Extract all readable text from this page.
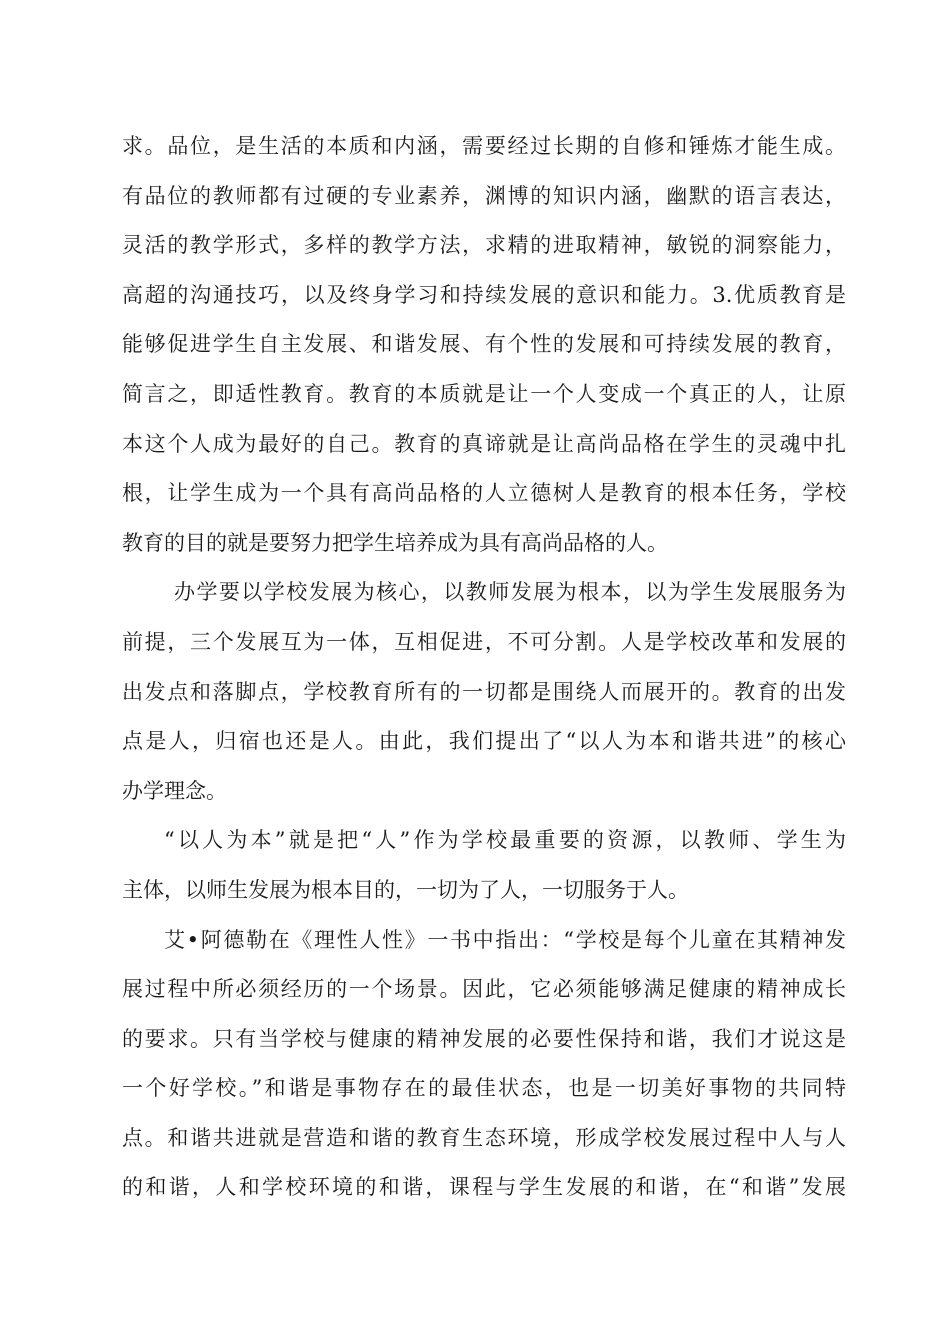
求。品位，是生活的本质和内涵，需要经过长期的自修和锤炼才能生成。
有品位的教师都有过硬的专业素养，渊博的知识内涵，幽默的语言表达，
灵活的教学形式，多样的教学方法，求精的进取精神，敏锐的洞察能力，
高超的沟通技巧，以及终身学习和持续发展的意识和能力。3.优质教育是
能够促进学生自主发展、和谐发展、有个性的发展和可持续发展的教育，
简言之，即适性教育。教育的本质就是让一个人变成一个真正的人，让原
本这个人成为最好的自己。教育的真谛就是让高尚品格在学生的灵魂中扎
根，让学生成为一个具有高尚品格的人立德树人是教育的根本任务，学校
教育的目的就是要努力把学生培养成为具有高尚品格的人。
办学要以学校发展为核心，以教师发展为根本，以为学生发展服务为
前提，三个发展互为一体，互相促进，不可分割。人是学校改革和发展的
出发点和落脚点，学校教育所有的一切都是围绕人而展开的。教育的出发
点是人，归宿也还是人。由此，我们提出了“以人为本和谐共进”的核心
办学理念。
“以人为本”就是把“人”作为学校最重要的资源，以教师、学生为
主体，以师生发展为根本目的，一切为了人，一切服务于人。
艾•阿德勒在《理性人性》一书中指出：“学校是每个儿童在其精神发
展过程中所必须经历的一个场景。因此，它必须能够满足健康的精神成长
的要求。只有当学校与健康的精神发展的必要性保持和谐，我们才说这是
一个好学校。”和谐是事物存在的最佳状态，也是一切美好事物的共同特
点。和谐共进就是营造和谐的教育生态环境，形成学校发展过程中人与人
的和谐，人和学校环境的和谐，课程与学生发展的和谐，在“和谐”发展
